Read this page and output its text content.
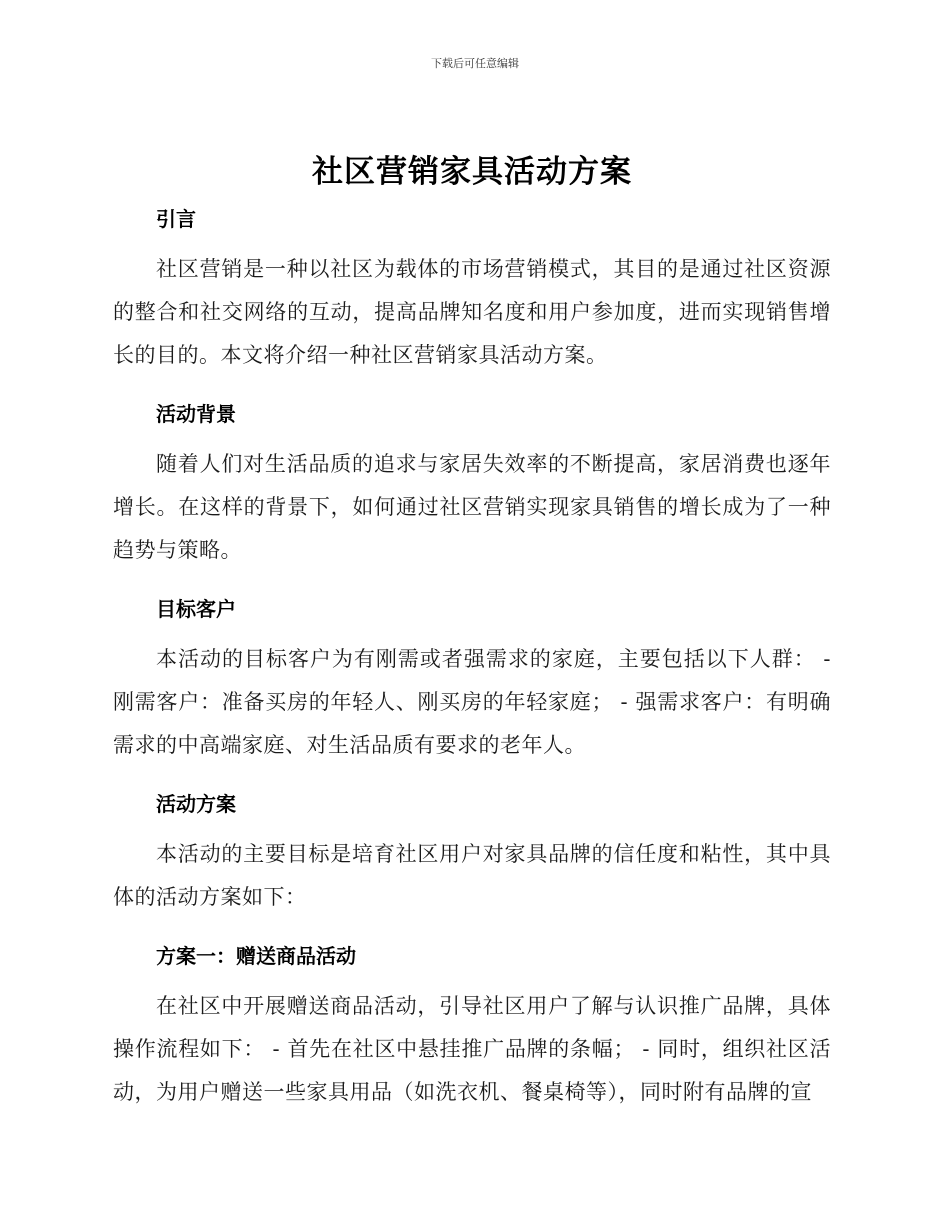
下载后可任意编辑
社区营销家具活动方案
引言

社区营销是一种以社区为载体的市场营销模式，其目的是通过社区资源的整合和社交网络的互动，提高品牌知名度和用户参加度，进而实现销售增长的目的。本文将介绍一种社区营销家具活动方案。

活动背景

随着人们对生活品质的追求与家居失效率的不断提高，家居消费也逐年增长。在这样的背景下，如何通过社区营销实现家具销售的增长成为了一种趋势与策略。

目标客户

本活动的目标客户为有刚需或者强需求的家庭，主要包括以下人群： - 刚需客户：准备买房的年轻人、刚买房的年轻家庭； - 强需求客户：有明确需求的中高端家庭、对生活品质有要求的老年人。

活动方案

本活动的主要目标是培育社区用户对家具品牌的信任度和粘性，其中具体的活动方案如下：

方案一：赠送商品活动

在社区中开展赠送商品活动，引导社区用户了解与认识推广品牌，具体操作流程如下： - 首先在社区中悬挂推广品牌的条幅； - 同时，组织社区活动，为用户赠送一些家具用品（如洗衣机、餐桌椅等），同时附有品牌的宣
